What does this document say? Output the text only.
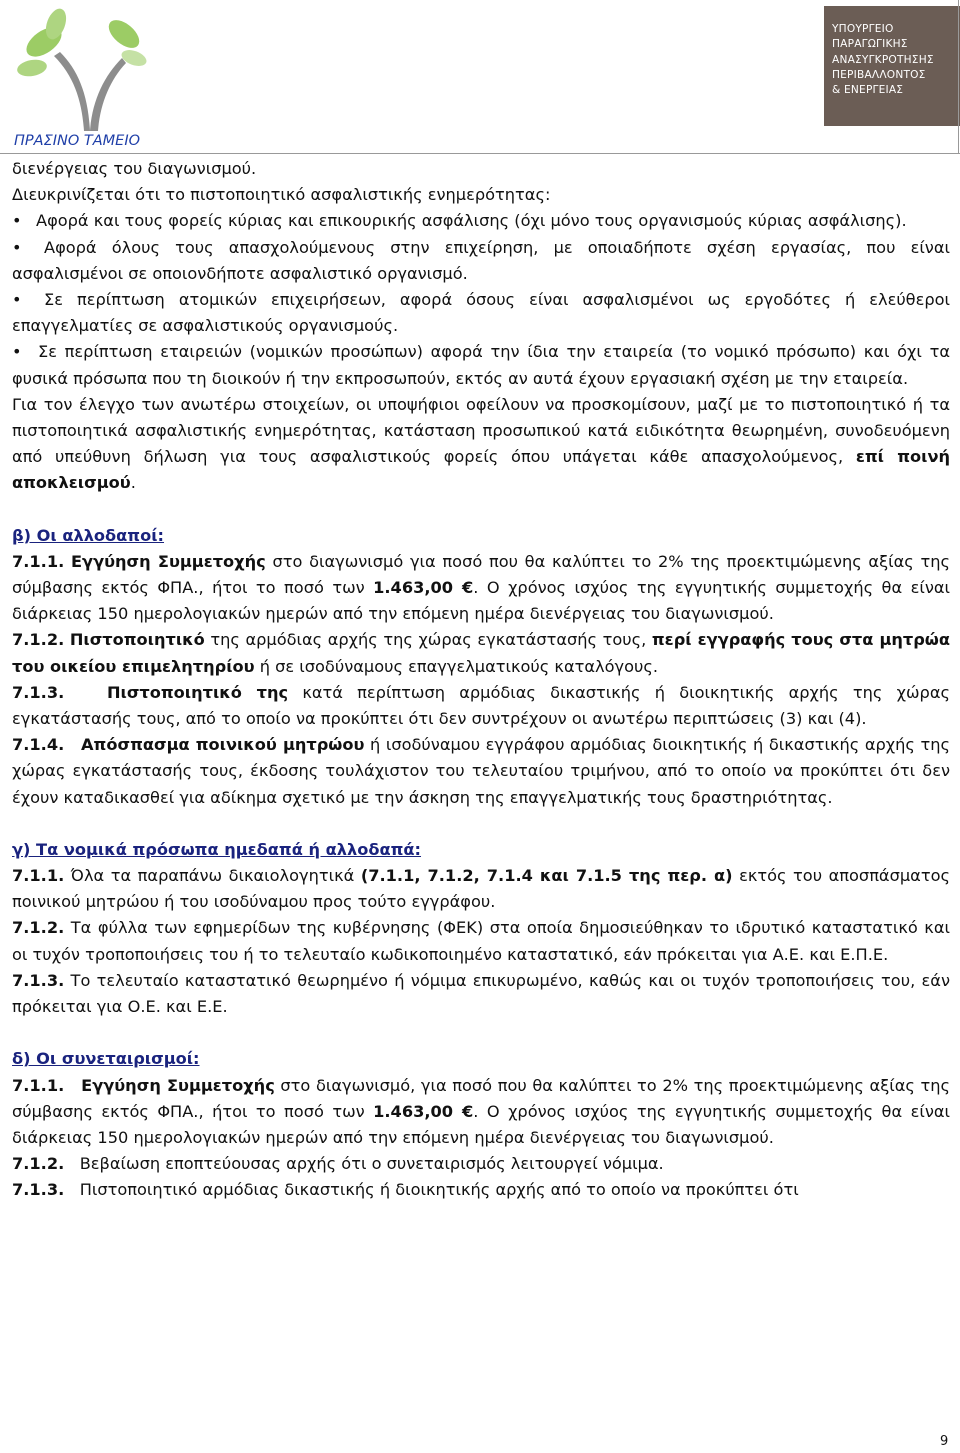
ΠΡΑΣΙΝΟ ΤΑΜΕΙΟ
ΥΠΟΥΡΓΕΙΟ
ΠΑΡΑΓΩΓΙΚΗΣ
ΑΝΑΣΥΓΚΡΟΤΗΣΗΣ
ΠΕΡΙΒΑΛΛΟΝΤΟΣ
& ΕΝΕΡΓΕΙΑΣ

διενέργειας του διαγωνισμού.

Διευκρινίζεται ότι το πιστοποιητικό ασφαλιστικής ενημερότητας:

• Αφορά και τους φορείς κύριας και επικουρικής ασφάλισης (όχι μόνο τους οργανισμούς κύριας ασφάλισης).

• Αφορά όλους τους απασχολούμενους στην επιχείρηση, με οποιαδήποτε σχέση εργασίας, που είναι ασφαλισμένοι σε οποιονδήποτε ασφαλιστικό οργανισμό.

• Σε περίπτωση ατομικών επιχειρήσεων, αφορά όσους είναι ασφαλισμένοι ως εργοδότες ή ελεύθεροι επαγγελματίες σε ασφαλιστικούς οργανισμούς.

• Σε περίπτωση εταιρειών (νομικών προσώπων) αφορά την ίδια την εταιρεία (το νομικό πρόσωπο) και όχι τα φυσικά πρόσωπα που τη διοικούν ή την εκπροσωπούν, εκτός αν αυτά έχουν εργασιακή σχέση με την εταιρεία.

Για τον έλεγχο των ανωτέρω στοιχείων, οι υποψήφιοι οφείλουν να προσκομίσουν, μαζί με το πιστοποιητικό ή τα πιστοποιητικά ασφαλιστικής ενημερότητας, κατάσταση προσωπικού κατά ειδικότητα θεωρημένη, συνοδευόμενη από υπεύθυνη δήλωση για τους ασφαλιστικούς φορείς όπου υπάγεται κάθε απασχολούμενος, επί ποινή αποκλεισμού.

β) Οι αλλοδαποί:

7.1.1. Εγγύηση Συμμετοχής στο διαγωνισμό για ποσό που θα καλύπτει το 2% της προεκτιμώμενης αξίας της σύμβασης εκτός ΦΠΑ., ήτοι το ποσό των 1.463,00 €. Ο χρόνος ισχύος της εγγυητικής συμμετοχής θα είναι διάρκειας 150 ημερολογιακών ημερών από την επόμενη ημέρα διενέργειας του διαγωνισμού.

7.1.2. Πιστοποιητικό της αρμόδιας αρχής της χώρας εγκατάστασής τους, περί εγγραφής τους στα μητρώα του οικείου επιμελητηρίου ή σε ισοδύναμους επαγγελματικούς καταλόγους.

7.1.3.	Πιστοποιητικό της κατά περίπτωση αρμόδιας δικαστικής ή διοικητικής αρχής της χώρας εγκατάστασής τους, από το οποίο να προκύπτει ότι δεν συντρέχουν οι ανωτέρω περιπτώσεις (3) και (4).

7.1.4. Απόσπασμα ποινικού μητρώου ή ισοδύναμου εγγράφου αρμόδιας διοικητικής ή δικαστικής αρχής της χώρας εγκατάστασής τους, έκδοσης τουλάχιστον του τελευταίου τριμήνου, από το οποίο να προκύπτει ότι δεν έχουν καταδικασθεί για αδίκημα σχετικό με την άσκηση της επαγγελματικής τους δραστηριότητας.

γ) Τα νομικά πρόσωπα ημεδαπά ή αλλοδαπά:

7.1.1. Όλα τα παραπάνω δικαιολογητικά (7.1.1, 7.1.2, 7.1.4 και 7.1.5 της περ. α) εκτός του αποσπάσματος ποινικού μητρώου ή του ισοδύναμου προς τούτο εγγράφου.

7.1.2. Τα φύλλα των εφημερίδων της κυβέρνησης (ΦΕΚ) στα οποία δημοσιεύθηκαν το ιδρυτικό καταστατικό και οι τυχόν τροποποιήσεις του ή το τελευταίο κωδικοποιημένο καταστατικό, εάν πρόκειται για Α.Ε. και Ε.Π.Ε.

7.1.3. Το τελευταίο καταστατικό θεωρημένο ή νόμιμα επικυρωμένο, καθώς και οι τυχόν τροποποιήσεις του, εάν πρόκειται για Ο.Ε. και Ε.Ε.

δ) Οι συνεταιρισμοί:

7.1.1. Εγγύηση Συμμετοχής στο διαγωνισμό, για ποσό που θα καλύπτει το 2% της προεκτιμώμενης αξίας της σύμβασης εκτός ΦΠΑ., ήτοι το ποσό των 1.463,00 €. Ο χρόνος ισχύος της εγγυητικής συμμετοχής θα είναι διάρκειας 150 ημερολογιακών ημερών από την επόμενη ημέρα διενέργειας του διαγωνισμού.

7.1.2.   Βεβαίωση εποπτεύουσας αρχής ότι ο συνεταιρισμός λειτουργεί νόμιμα.

7.1.3.   Πιστοποιητικό αρμόδιας δικαστικής ή διοικητικής αρχής από το οποίο να προκύπτει ότι

9
